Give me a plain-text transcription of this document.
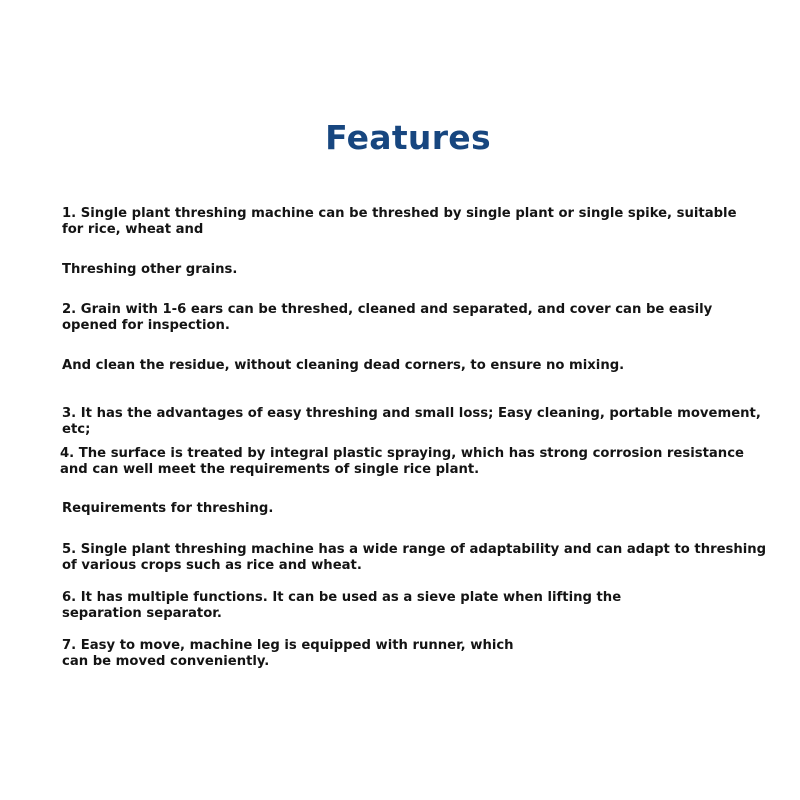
Features

1. Single plant threshing machine can be threshed by single plant or single spike, suitable for rice, wheat and

Threshing other grains.

2. Grain with 1-6 ears can be threshed, cleaned and separated, and cover can be easily opened for inspection.

And clean the residue, without cleaning dead corners, to ensure no mixing.

3. It has the advantages of easy threshing and small loss; Easy cleaning, portable movement, etc;

4. The surface is treated by integral plastic spraying, which has strong corrosion resistance and can well meet the requirements of single rice plant.

Requirements for threshing.

5. Single plant threshing machine has a wide range of adaptability and can adapt to threshing of various crops such as rice and wheat.

6. It has multiple functions. It can be used as a sieve plate when lifting the separation separator.

7. Easy to move, machine leg is equipped with runner, which can be moved conveniently.
